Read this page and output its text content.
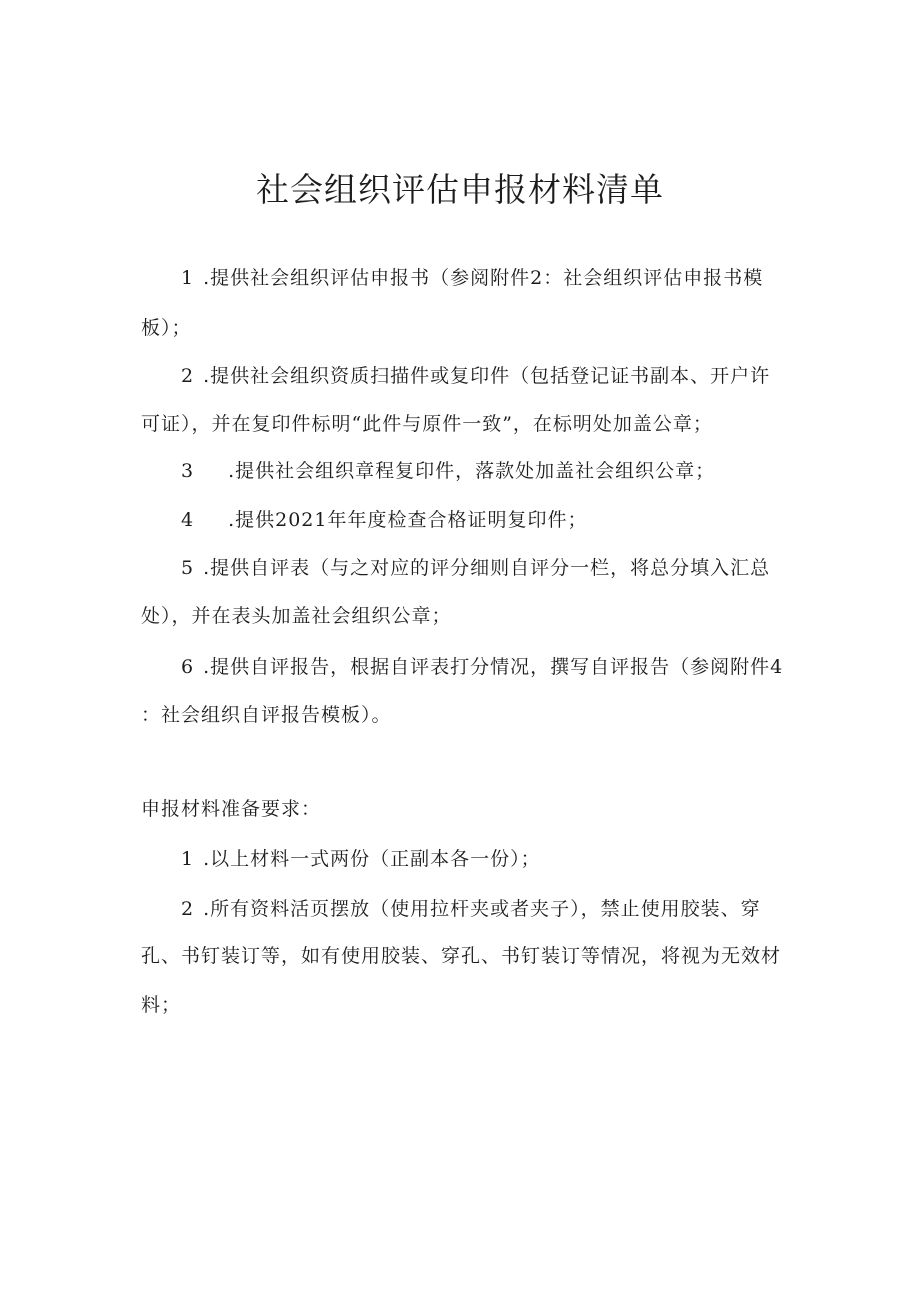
社会组织评估申报材料清单
1 .提供社会组织评估申报书（参阅附件2：社会组织评估申报书模
板）；
2 .提供社会组织资质扫描件或复印件（包括登记证书副本、开户许
可证），并在复印件标明“此件与原件一致”，在标明处加盖公章；
3 .提供社会组织章程复印件，落款处加盖社会组织公章；
4 .提供2021年年度检查合格证明复印件；
5 .提供自评表（与之对应的评分细则自评分一栏，将总分填入汇总
处），并在表头加盖社会组织公章；
6 .提供自评报告，根据自评表打分情况，撰写自评报告（参阅附件4
：社会组织自评报告模板）。
申报材料准备要求：
1 .以上材料一式两份（正副本各一份）；
2 .所有资料活页摆放（使用拉杆夹或者夹子），禁止使用胶装、穿
孔、书钉装订等，如有使用胶装、穿孔、书钉装订等情况，将视为无效材
料；
